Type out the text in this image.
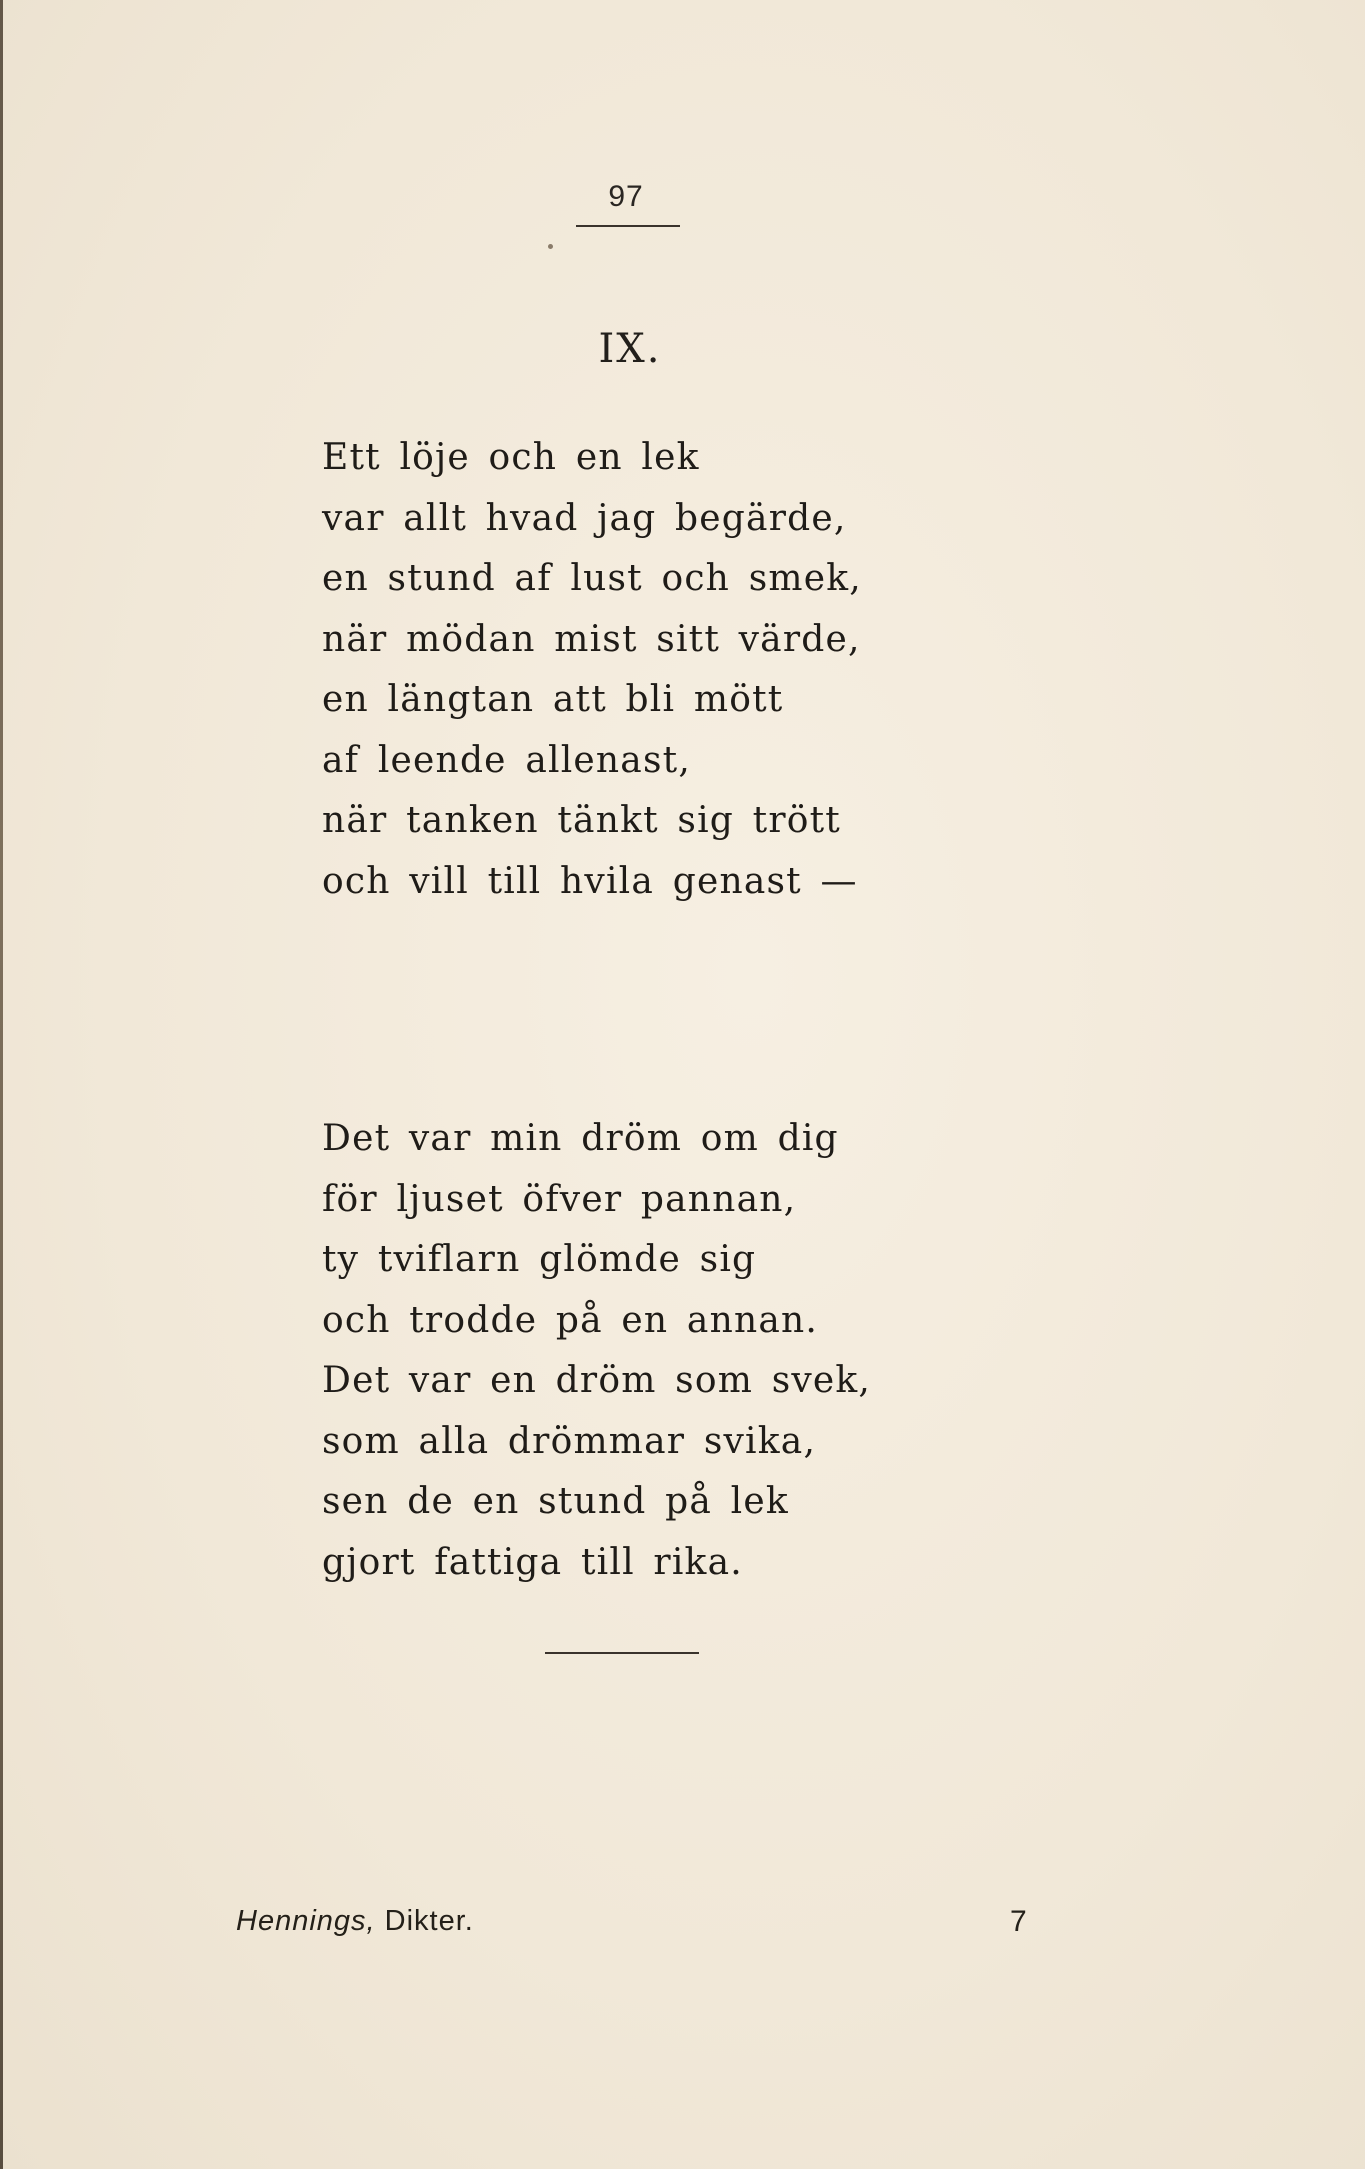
97
IX.
Ett löje och en lek
var allt hvad jag begärde,
en stund af lust och smek,
när mödan mist sitt värde,
en längtan att bli mött
af leende allenast,
när tanken tänkt sig trött
och vill till hvila genast —
Det var min dröm om dig
för ljuset öfver pannan,
ty tviflarn glömde sig
och trodde på en annan.
Det var en dröm som svek,
som alla drömmar svika,
sen de en stund på lek
gjort fattiga till rika.
Hennings, Dikter.	7
